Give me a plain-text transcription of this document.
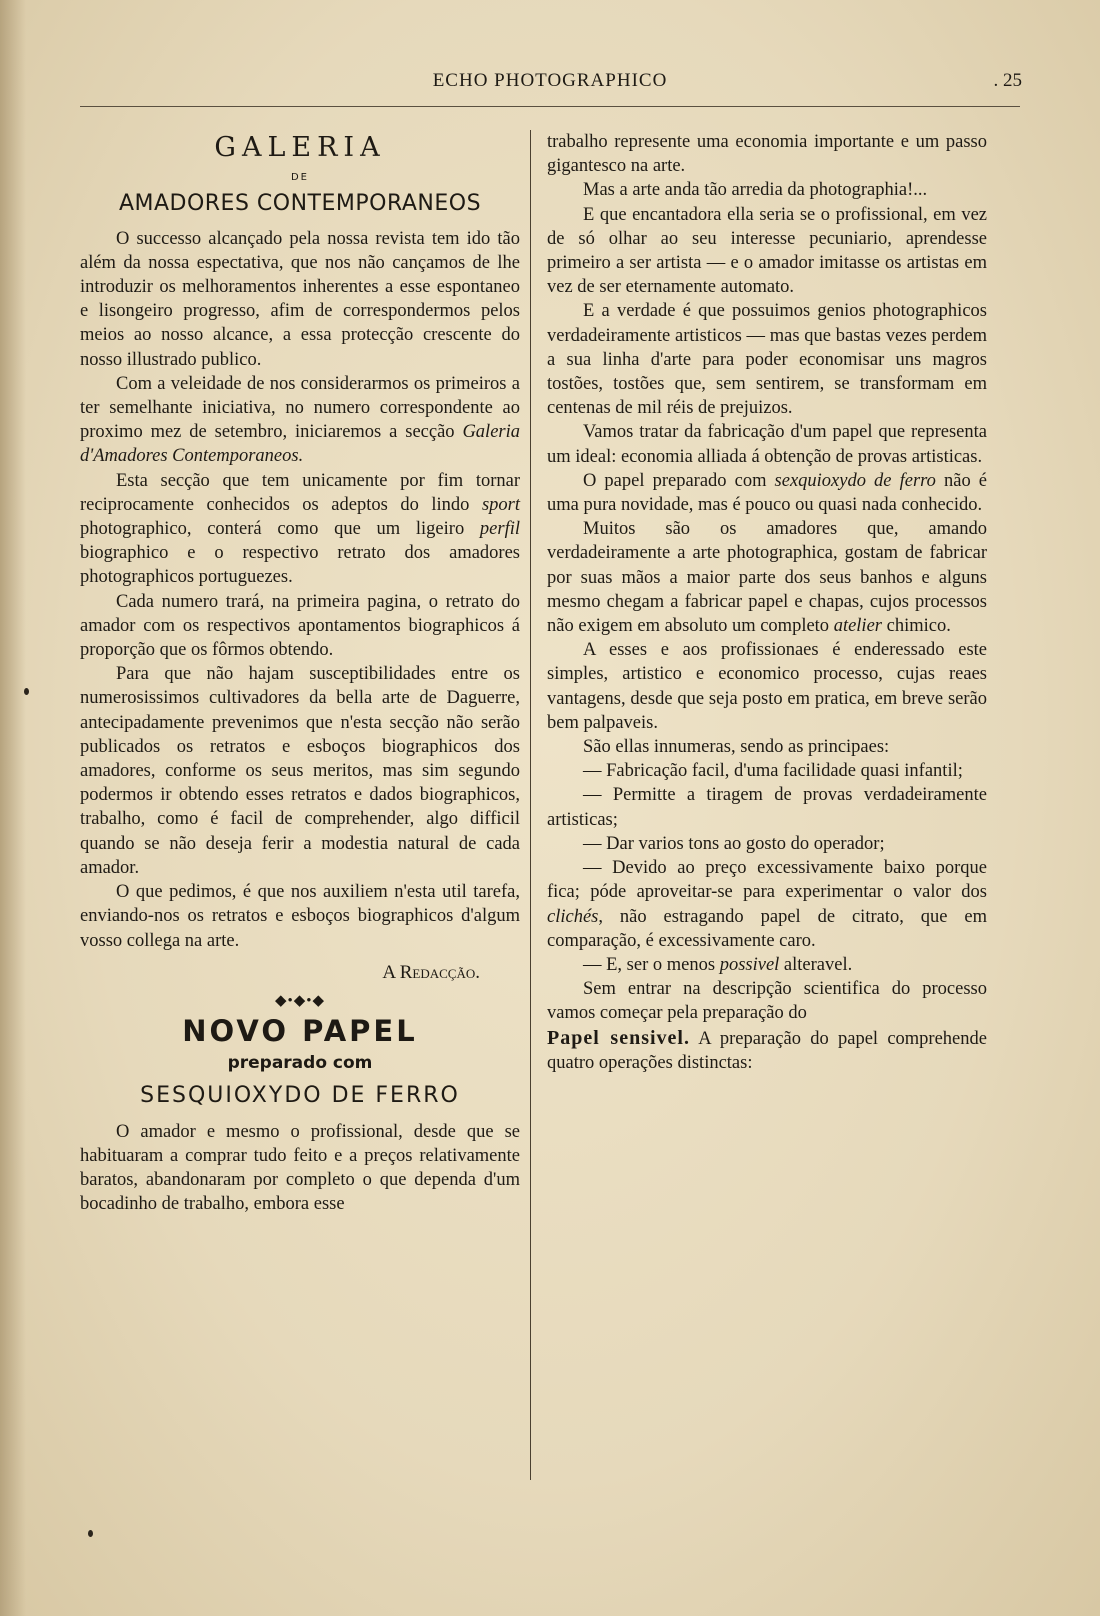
ECHO PHOTOGRAPHICO	. 25
GALERIA
DE
AMADORES CONTEMPORANEOS

O successo alcançado pela nossa revista tem ido tão além da nossa espectativa, que nos não cançamos de lhe introduzir os melhoramentos inherentes a esse espontaneo e lisongeiro progresso, afim de correspondermos pelos meios ao nosso alcance, a essa protecção crescente do nosso illustrado publico.

Com a veleidade de nos considerarmos os primeiros a ter semelhante iniciativa, no numero correspondente ao proximo mez de setembro, iniciaremos a secção Galeria d'Amadores Contemporaneos.

Esta secção que tem unicamente por fim tornar reciprocamente conhecidos os adeptos do lindo sport photographico, conterá como que um ligeiro perfil biographico e o respectivo retrato dos amadores photographicos portuguezes.

Cada numero trará, na primeira pagina, o retrato do amador com os respectivos apontamentos biographicos á proporção que os fôrmos obtendo.

Para que não hajam susceptibilidades entre os numerosissimos cultivadores da bella arte de Daguerre, antecipadamente prevenimos que n'esta secção não serão publicados os retratos e esboços biographicos dos amadores, conforme os seus meritos, mas sim segundo podermos ir obtendo esses retratos e dados biographicos, trabalho, como é facil de comprehender, algo difficil quando se não deseja ferir a modestia natural de cada amador.

O que pedimos, é que nos auxiliem n'esta util tarefa, enviando-nos os retratos e esboços biographicos d'algum vosso collega na arte.

A Redacção.
◆•◆•◆
NOVO PAPEL
preparado com
SESQUIOXYDO DE FERRO

O amador e mesmo o profissional, desde que se habituaram a comprar tudo feito e a preços relativamente baratos, abandonaram por completo o que dependa d'um bocadinho de trabalho, embora esse

trabalho represente uma economia importante e um passo gigantesco na arte.

Mas a arte anda tão arredia da photographia!...

E que encantadora ella seria se o profissional, em vez de só olhar ao seu interesse pecuniario, aprendesse primeiro a ser artista — e o amador imitasse os artistas em vez de ser eternamente automato.

E a verdade é que possuimos genios photographicos verdadeiramente artisticos — mas que bastas vezes perdem a sua linha d'arte para poder economisar uns magros tostões, tostões que, sem sentirem, se transformam em centenas de mil réis de prejuizos.

Vamos tratar da fabricação d'um papel que representa um ideal: economia alliada á obtenção de provas artisticas.

O papel preparado com sexquioxydo de ferro não é uma pura novidade, mas é pouco ou quasi nada conhecido.

Muitos são os amadores que, amando verdadeiramente a arte photographica, gostam de fabricar por suas mãos a maior parte dos seus banhos e alguns mesmo chegam a fabricar papel e chapas, cujos processos não exigem em absoluto um completo atelier chimico.

A esses e aos profissionaes é enderessado este simples, artistico e economico processo, cujas reaes vantagens, desde que seja posto em pratica, em breve serão bem palpaveis.

São ellas innumeras, sendo as principaes:

— Fabricação facil, d'uma facilidade quasi infantil;

— Permitte a tiragem de provas verdadeiramente artisticas;

— Dar varios tons ao gosto do operador;

— Devido ao preço excessivamente baixo porque fica; póde aproveitar-se para experimentar o valor dos clichés, não estragando papel de citrato, que em comparação, é excessivamente caro.

— E, ser o menos possivel alteravel.

Sem entrar na descripção scientifica do processo vamos começar pela preparação do

Papel sensivel. A preparação do papel comprehende quatro operações distinctas:
